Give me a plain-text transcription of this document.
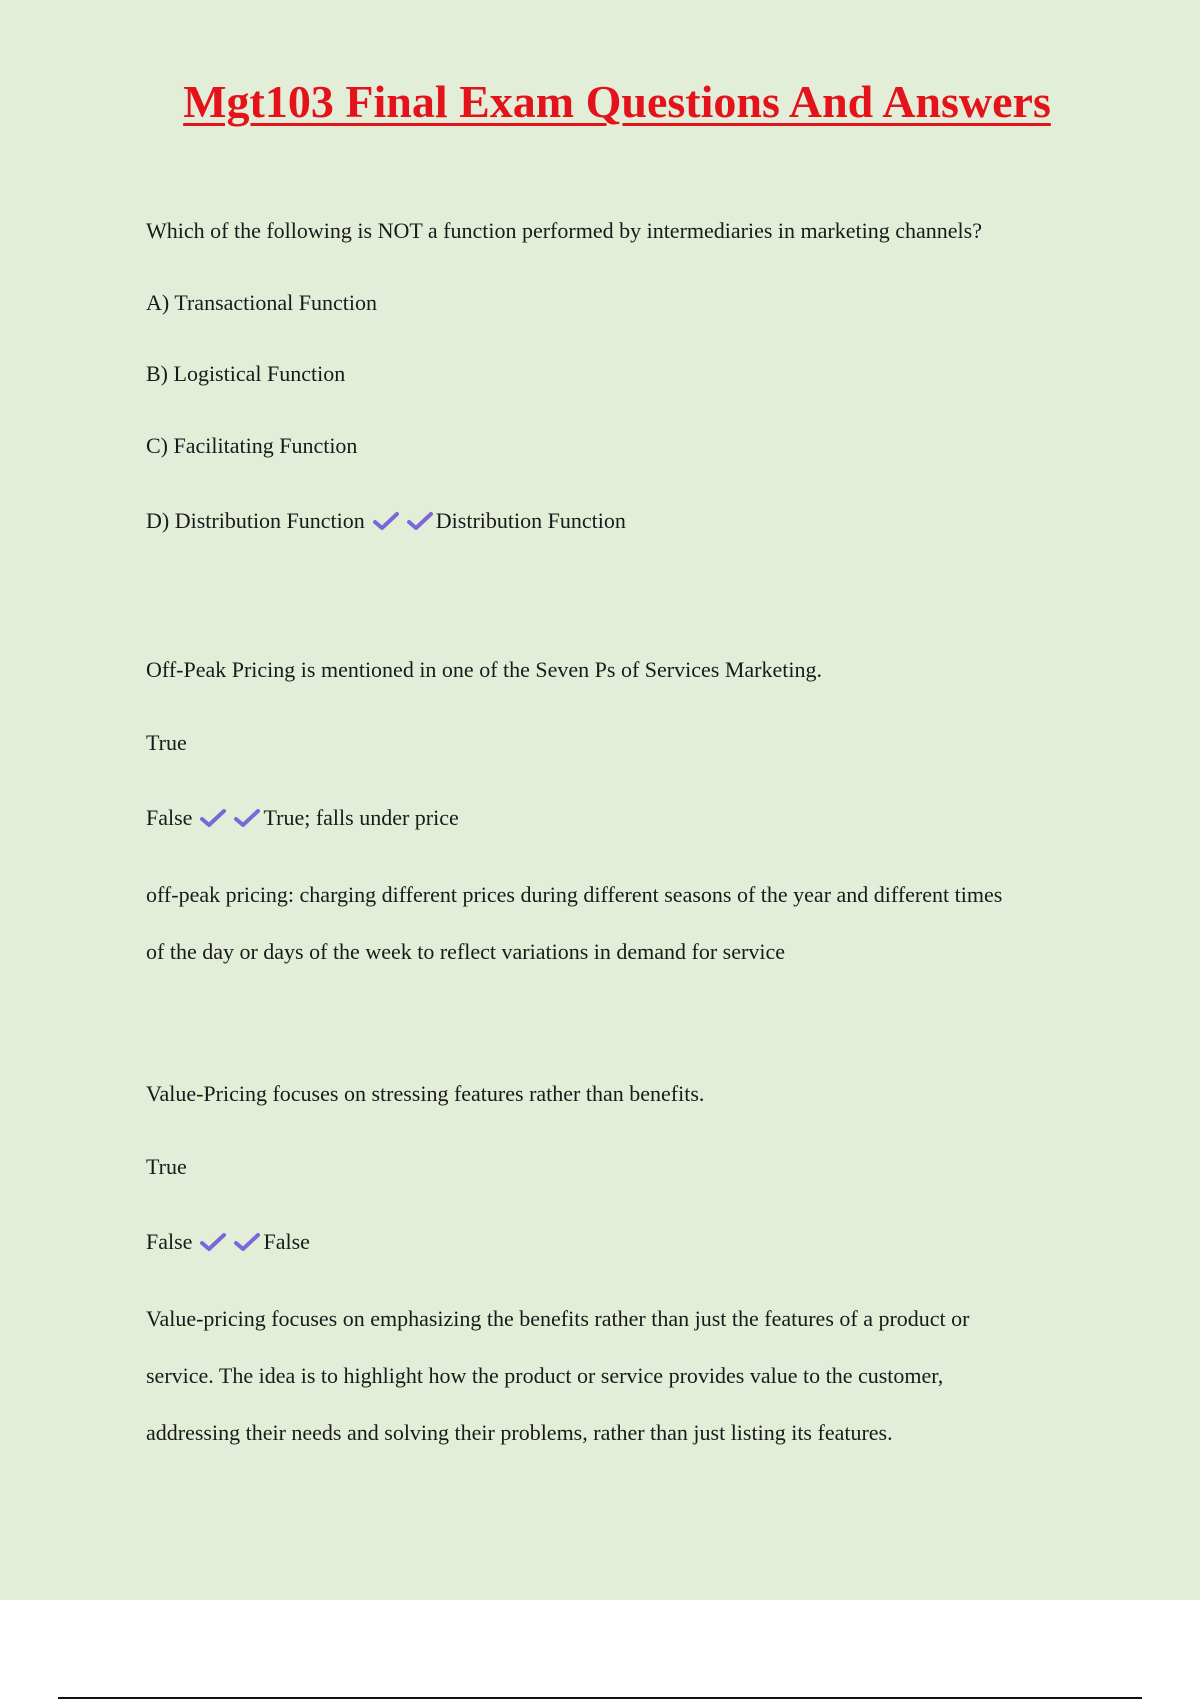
Mgt103 Final Exam Questions And Answers

Which of the following is NOT a function performed by intermediaries in marketing channels?

A) Transactional Function

B) Logistical Function

C) Facilitating Function

D) Distribution Function	Distribution Function

Off-Peak Pricing is mentioned in one of the Seven Ps of Services Marketing.

True

False	True; falls under price

off-peak pricing: charging different prices during different seasons of the year and different times

of the day or days of the week to reflect variations in demand for service

Value-Pricing focuses on stressing features rather than benefits.

True

False	False

Value-pricing focuses on emphasizing the benefits rather than just the features of a product or

service. The idea is to highlight how the product or service provides value to the customer,

addressing their needs and solving their problems, rather than just listing its features.
